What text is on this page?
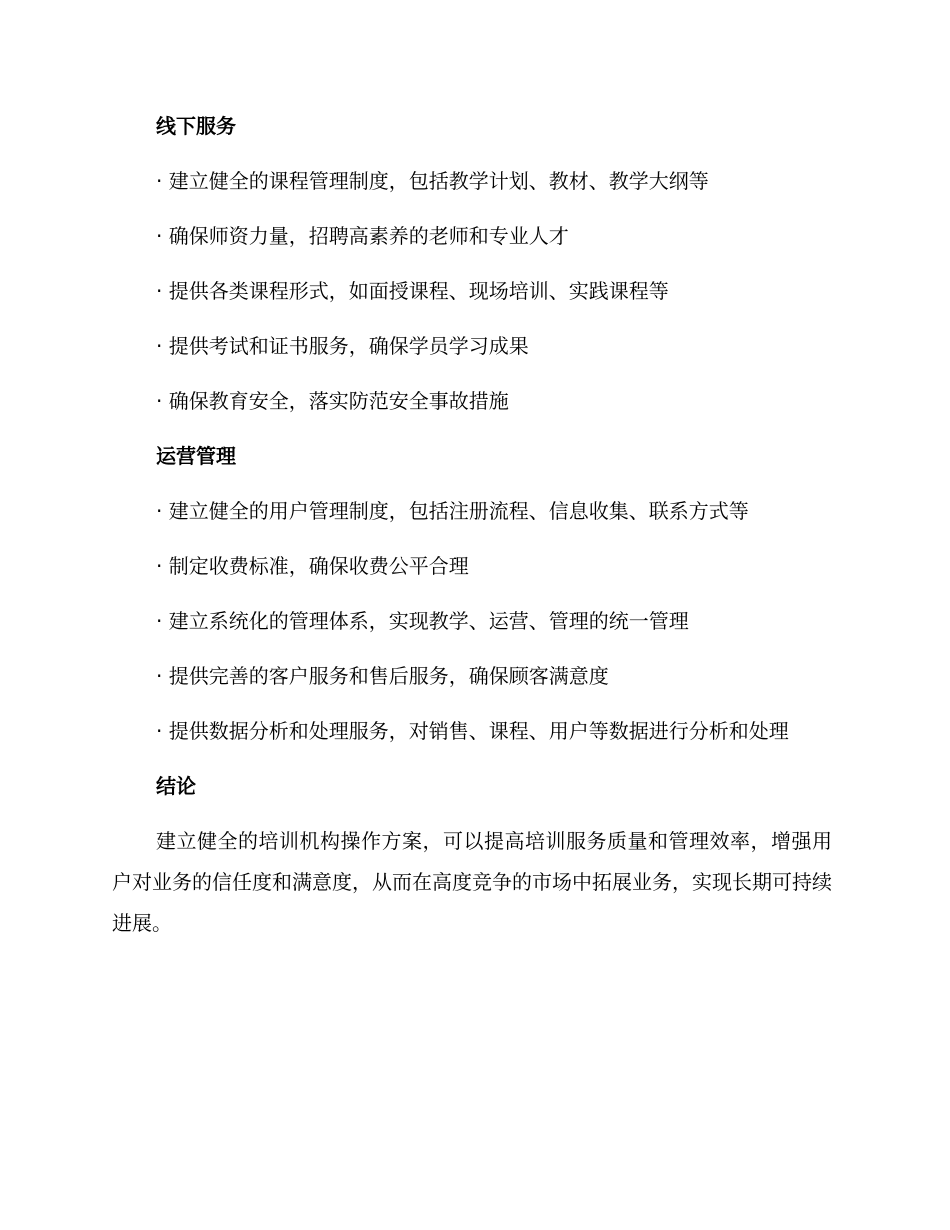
线下服务
· 建立健全的课程管理制度，包括教学计划、教材、教学大纲等
· 确保师资力量，招聘高素养的老师和专业人才
· 提供各类课程形式，如面授课程、现场培训、实践课程等
· 提供考试和证书服务，确保学员学习成果
· 确保教育安全，落实防范安全事故措施
运营管理
· 建立健全的用户管理制度，包括注册流程、信息收集、联系方式等
· 制定收费标准，确保收费公平合理
· 建立系统化的管理体系，实现教学、运营、管理的统一管理
· 提供完善的客户服务和售后服务，确保顾客满意度
· 提供数据分析和处理服务，对销售、课程、用户等数据进行分析和处理
结论

建立健全的培训机构操作方案，可以提高培训服务质量和管理效率，增强用户对业务的信任度和满意度，从而在高度竞争的市场中拓展业务，实现长期可持续进展。
